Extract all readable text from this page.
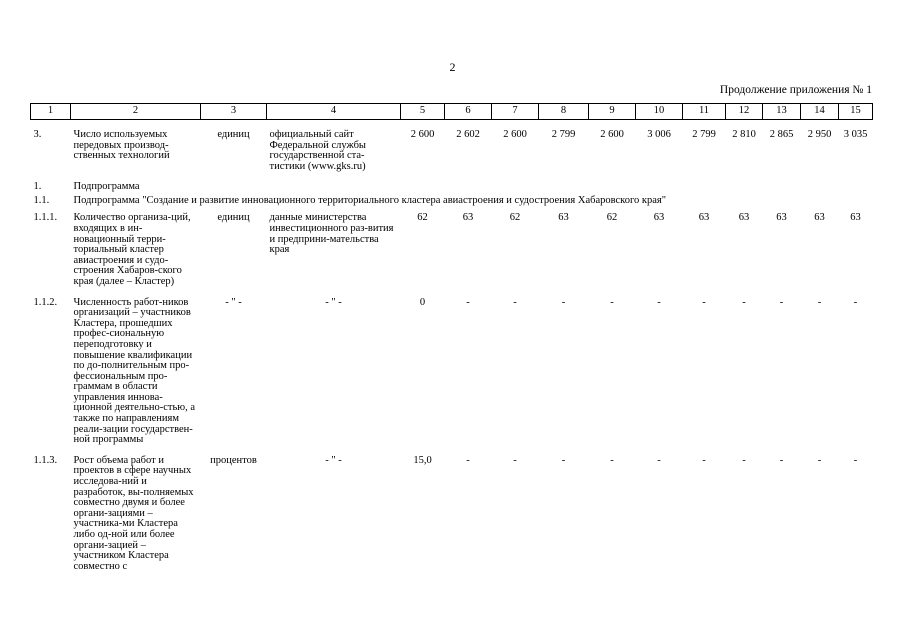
2
Продолжение приложения № 1
1	2	3	4	5	6	7	8	9	10	11	12	13	14	15

3.	Число используемых передовых производ-ственных технологий	единиц	официальный сайт Федеральной службы государственной ста-тистики (www.gks.ru)	2 600	2 602	2 600	2 799	2 600	3 006	2 799	2 810	2 865	2 950	3 035

1.	Подпрограмма													
1.1.	Подпрограмма "Создание и развитие инновационного территориального кластера авиастроения и судостроения Хабаровского края"													

1.1.1.	Количество организа-ций, входящих в ин-новационный терри-ториальный кластер авиастроения и судо-строения Хабаров-ского края (далее – Кластер)	единиц	данные министерства инвестиционного раз-вития и предприни-мательства края	62	63	62	63	62	63	63	63	63	63	63

1.1.2.	Численность работ-ников организаций – участников Кластера, прошедших профес-сиональную переподготовку и повышение квалификации по до-полнительным про-фессиональным про-граммам в области управления иннова-ционной деятельно-стью, а также по направлениям реали-зации государствен-ной программы	- " -	- " -	0	-	-	-	-	-	-	-	-	-	-

1.1.3.	Рост объема работ и проектов в сфере научных исследова-ний и разработок, вы-полняемых совместно двумя и более органи-зациями – участника-ми Кластера либо од-ной или более органи-зацией – участником Кластера совместно с	процентов	- " -	15,0	-	-	-	-	-	-	-	-	-	-
